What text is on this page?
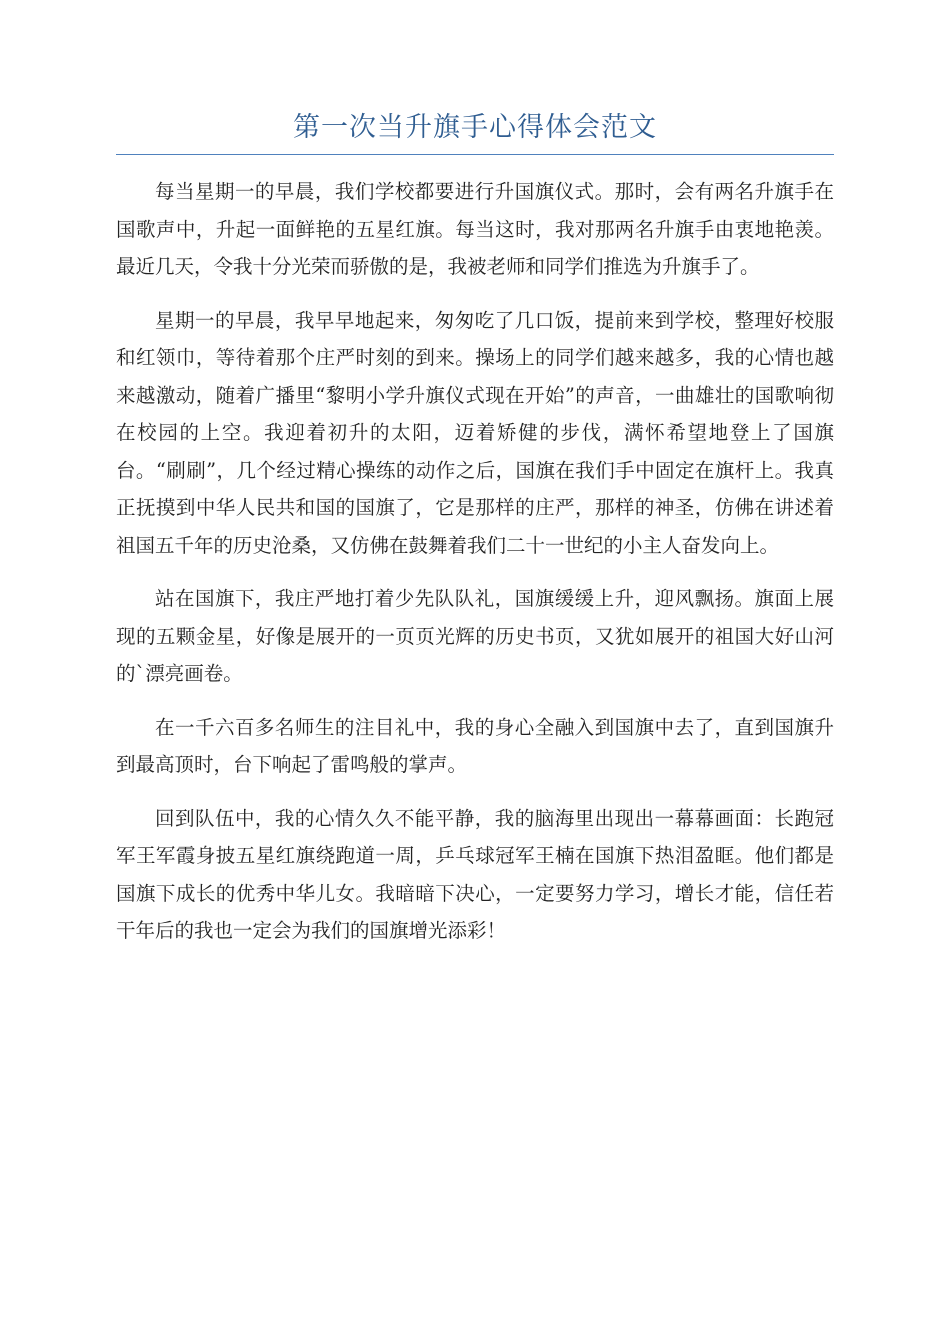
第一次当升旗手心得体会范文

每当星期一的早晨，我们学校都要进行升国旗仪式。那时，会有两名升旗手在国歌声中，升起一面鲜艳的五星红旗。每当这时，我对那两名升旗手由衷地艳羡。最近几天，令我十分光荣而骄傲的是，我被老师和同学们推选为升旗手了。

星期一的早晨，我早早地起来，匆匆吃了几口饭，提前来到学校，整理好校服和红领巾，等待着那个庄严时刻的到来。操场上的同学们越来越多，我的心情也越来越激动，随着广播里“黎明小学升旗仪式现在开始”的声音，一曲雄壮的国歌响彻在校园的上空。我迎着初升的太阳，迈着矫健的步伐，满怀希望地登上了国旗台。“刷刷”，几个经过精心操练的动作之后，国旗在我们手中固定在旗杆上。我真正抚摸到中华人民共和国的国旗了，它是那样的庄严，那样的神圣，仿佛在讲述着祖国五千年的历史沧桑，又仿佛在鼓舞着我们二十一世纪的小主人奋发向上。

站在国旗下，我庄严地打着少先队队礼，国旗缓缓上升，迎风飘扬。旗面上展现的五颗金星，好像是展开的一页页光辉的历史书页，又犹如展开的祖国大好山河的`漂亮画卷。

在一千六百多名师生的注目礼中，我的身心全融入到国旗中去了，直到国旗升到最高顶时，台下响起了雷鸣般的掌声。

回到队伍中，我的心情久久不能平静，我的脑海里出现出一幕幕画面：长跑冠军王军霞身披五星红旗绕跑道一周，乒乓球冠军王楠在国旗下热泪盈眶。他们都是国旗下成长的优秀中华儿女。我暗暗下决心，一定要努力学习，增长才能，信任若干年后的我也一定会为我们的国旗增光添彩！
